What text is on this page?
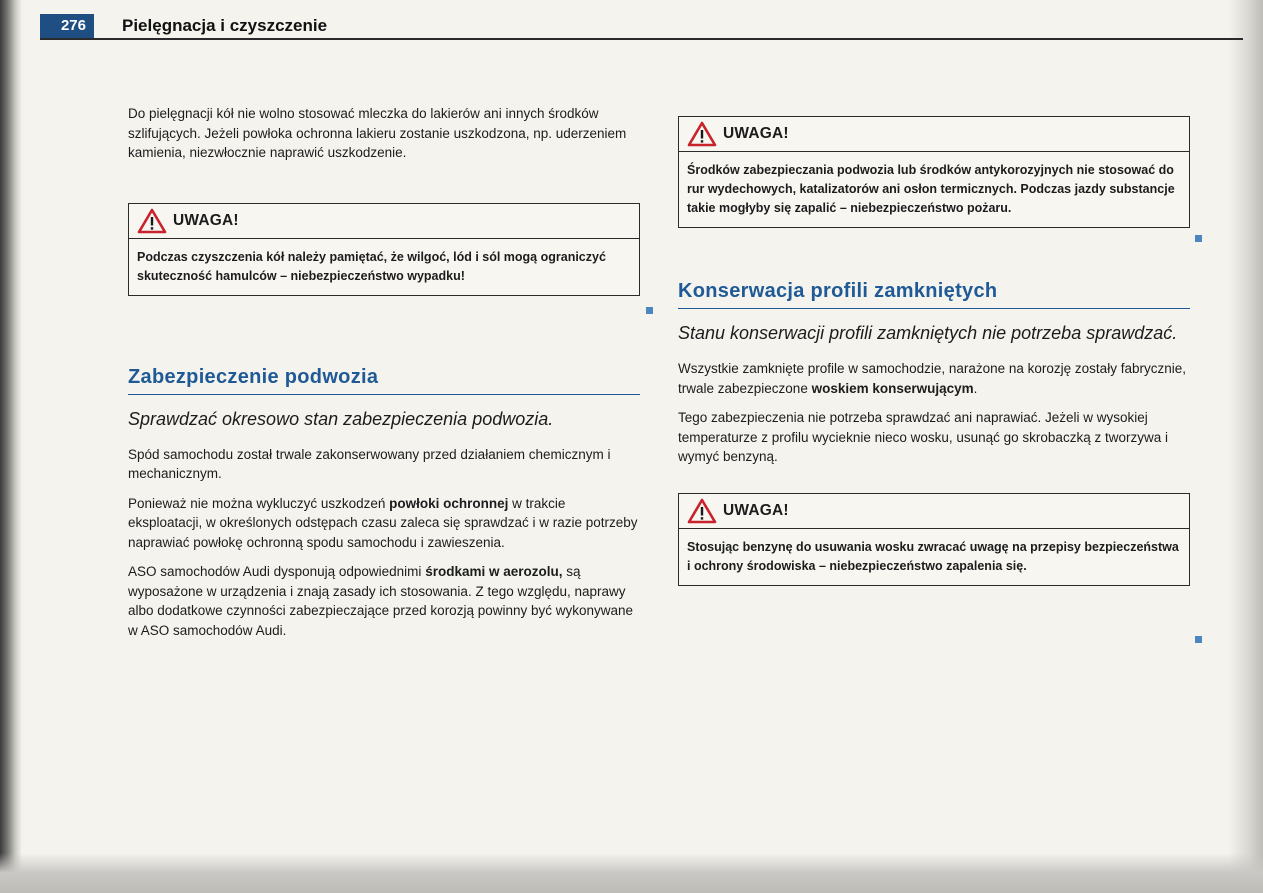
276	Pielęgnacja i czyszczenie

Do pielęgnacji kół nie wolno stosować mleczka do lakierów ani innych środków szlifujących. Jeżeli powłoka ochronna lakieru zostanie uszkodzona, np. uderzeniem kamienia, niezwłocznie naprawić uszkodzenie.

UWAGA!
Podczas czyszczenia kół należy pamiętać, że wilgoć, lód i sól mogą ograniczyć skuteczność hamulców – niebezpieczeństwo wypadku!
Zabezpieczenie podwozia
Sprawdzać okresowo stan zabezpieczenia podwozia.

Spód samochodu został trwale zakonserwowany przed działaniem chemicznym i mechanicznym.

Ponieważ nie można wykluczyć uszkodzeń powłoki ochronnej w trakcie eksploatacji, w określonych odstępach czasu zaleca się sprawdzać i w razie potrzeby naprawiać powłokę ochronną spodu samochodu i zawieszenia.

ASO samochodów Audi dysponują odpowiednimi środkami w aerozolu, są wyposażone w urządzenia i znają zasady ich stosowania. Z tego względu, naprawy albo dodatkowe czynności zabezpieczające przed korozją powinny być wykonywane w ASO samochodów Audi.

UWAGA!
Środków zabezpieczania podwozia lub środków antykorozyjnych nie stosować do rur wydechowych, katalizatorów ani osłon termicznych. Podczas jazdy substancje takie mogłyby się zapalić – niebezpieczeństwo pożaru.
Konserwacja profili zamkniętych
Stanu konserwacji profili zamkniętych nie potrzeba sprawdzać.

Wszystkie zamknięte profile w samochodzie, narażone na korozję zostały fabrycznie, trwale zabezpieczone woskiem konserwującym.

Tego zabezpieczenia nie potrzeba sprawdzać ani naprawiać. Jeżeli w wysokiej temperaturze z profilu wycieknie nieco wosku, usunąć go skrobaczką z tworzywa i wymyć benzyną.

UWAGA!
Stosując benzynę do usuwania wosku zwracać uwagę na przepisy bezpieczeństwa i ochrony środowiska – niebezpieczeństwo zapalenia się.
